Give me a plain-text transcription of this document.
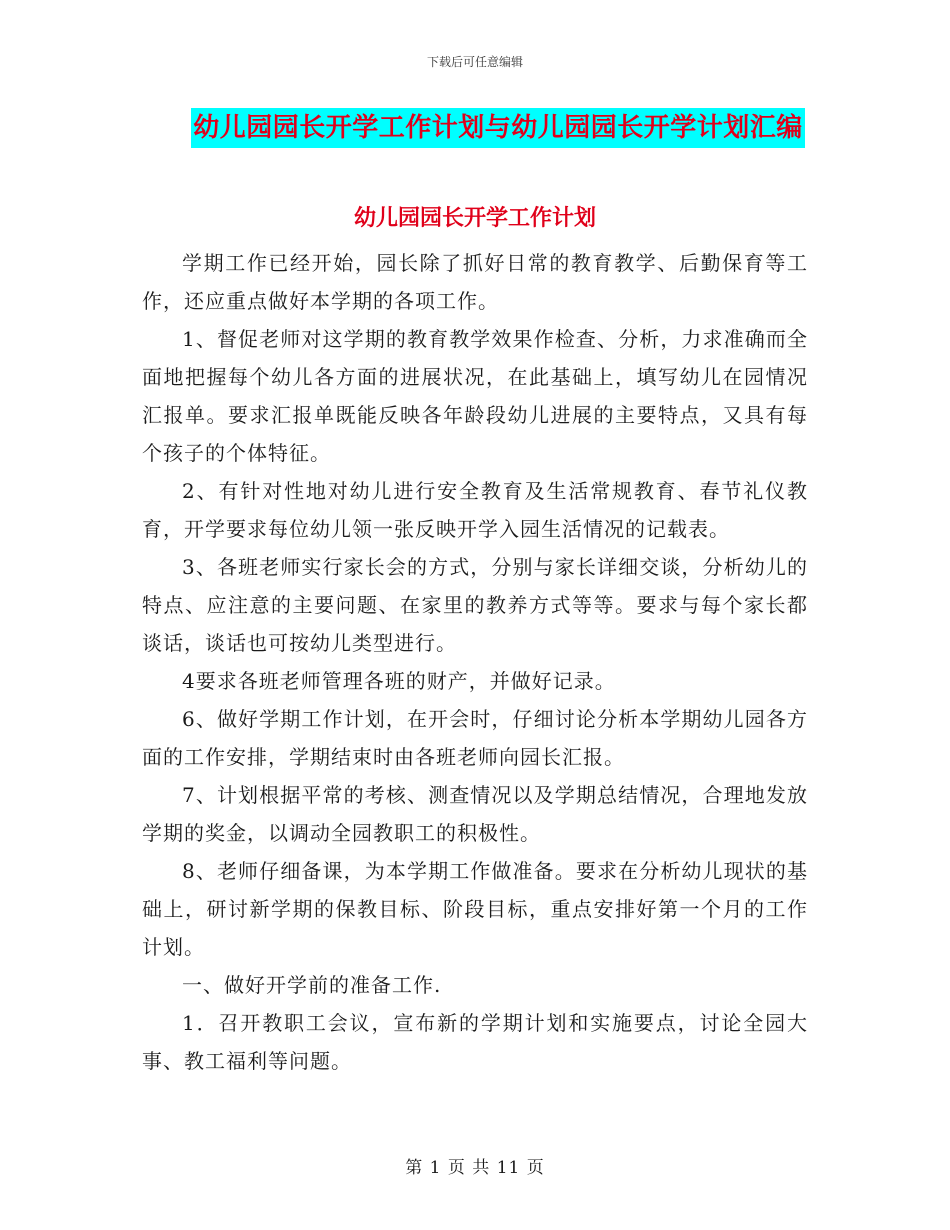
下载后可任意编辑
幼儿园园长开学工作计划与幼儿园园长开学计划汇编
幼儿园园长开学工作计划

学期工作已经开始，园长除了抓好日常的教育教学、后勤保育等工作，还应重点做好本学期的各项工作。

1、督促老师对这学期的教育教学效果作检查、分析，力求准确而全面地把握每个幼儿各方面的进展状况，在此基础上，填写幼儿在园情况汇报单。要求汇报单既能反映各年龄段幼儿进展的主要特点，又具有每个孩子的个体特征。

2、有针对性地对幼儿进行安全教育及生活常规教育、春节礼仪教育，开学要求每位幼儿领一张反映开学入园生活情况的记载表。

3、各班老师实行家长会的方式，分别与家长详细交谈，分析幼儿的特点、应注意的主要问题、在家里的教养方式等等。要求与每个家长都谈话，谈话也可按幼儿类型进行。

4要求各班老师管理各班的财产，并做好记录。

6、做好学期工作计划，在开会时，仔细讨论分析本学期幼儿园各方面的工作安排，学期结束时由各班老师向园长汇报。

7、计划根据平常的考核、测查情况以及学期总结情况，合理地发放学期的奖金，以调动全园教职工的积极性。

8、老师仔细备课，为本学期工作做准备。要求在分析幼儿现状的基础上，研讨新学期的保教目标、阶段目标，重点安排好第一个月的工作计划。

一、做好开学前的准备工作.

1．召开教职工会议，宣布新的学期计划和实施要点，讨论全园大事、教工福利等问题。

第 1 页 共 11 页
